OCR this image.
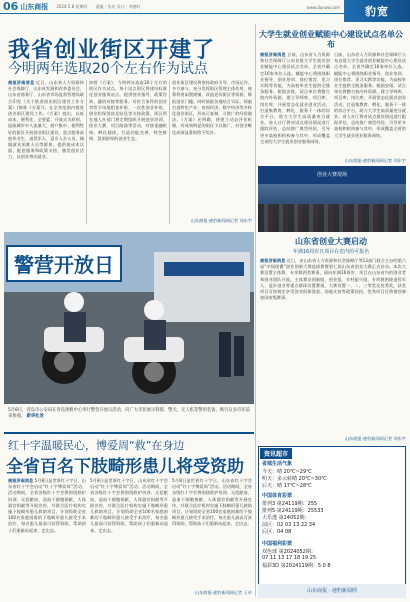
06 山东商报 2024.5.8 星期四 责编｜张亮 设计｜李德红	www.dunow.com	豹宽
我省创业街区开建了
今明两年选取20个左右作为试点
商报济南消息 近日，山东省人力资源和社会保障厅、山东省发展和改革委员会、山东省商务厅、山东省市场监督管理局联合印发《关于推进创业街区建设工作方案》(简称《方案》)，在全省范围内推进创业街区建设工作。《方案》提出，以低成本、便利化、全要素、开放式为原则，选取城市中人流量大、商户集中、便利性好的街区开展创业街区建设，重点服务高校毕业生、退役军人、返乡入乡人员、城镇就业困难人员等群体，提供低成本店面、配套服务和政策支持，激发创业活力，以创业带动就业。
按照《方案》，今明两年选取20个左右的街区作为试点，每个试点街区将建设标准化创业服务站点，提供创业指导、政策咨询、融资对接等服务。对符合条件的创业者给予场地租金补贴、一次性创业补贴、创业担保贷款及贴息等支持政策。街区所在地人社部门将定期组织开展创业培训、创业大赛、项目路演等活动，对接金融机构、孵化载体，打造功能完善、特色鲜明、氛围浓厚的创业生态。
创业街区建设将坚持政府引导、市场运作、多方参与，充分发挥街区管理主体作用，统筹利用闲置商铺、改造老旧街区等资源，降低创业门槛。同时鼓励各地结合实际，探索打造特色产业、夜间经济、数字经济等多样化创业街区，形成可复制、可推广的经验做法。《方案》还明确，将建立动态评估机制，对成效明显的街区予以推广，对创业孵化成效显著的给予奖补。
山东商报·速豹新闻网记者 刘东宇
大学生就业创业赋能中心建设试点名单公布
商报济南消息 日前，山东省人力资源和社会保障厅公布首批大学生就业创业赋能中心建设试点名单，全省共确定16家单位入选。赋能中心将围绕职业指导、创业培训、岗位推荐、见习实践等功能，为高校毕业生提供全链条服务。根据安排，试点单位将整合校内外资源，建立导师库、项目库、岗位库，开展常态化就业创业活动，打造集教育、孵化、服务于一体的综合平台，助力大学生高质量充分就业。省人社厅将对试点建设情况进行跟踪评估，总结推广典型经验，引导更多高校和机构参与其中，形成覆盖全省的大学生就业创业服务网络。
日前，山东省人力资源和社会保障厅公布首批大学生就业创业赋能中心建设试点名单，全省共确定16家单位入选。赋能中心将围绕职业指导、创业培训、岗位推荐、见习实践等功能，为高校毕业生提供全链条服务。根据安排，试点单位将整合校内外资源，建立导师库、项目库、岗位库，开展常态化就业创业活动，打造集教育、孵化、服务于一体的综合平台，助力大学生高质量充分就业。省人社厅将对试点建设情况进行跟踪评估，总结推广典型经验，引导更多高校和机构参与其中，形成覆盖全省的大学生就业创业服务网络。
山东商报·速豹新闻网记者 刘东宇
创业大赛现场
山东省创业大赛启动
年满16周岁且项目在省内的可报名
商报济南消息 近日，由山东省人力资源和社会保障厅等12部门联合主办的第六届“中国创翼”创业创新大赛选拔赛暨第七届山东省创业大赛正式启动。本次大赛设置主体赛、专项赛两类赛事，面向年满16周岁、项目在山东省内的创业者和创业团队开放。主体赛设创新组、创业组、乡村振兴组，专项赛围绕退役军人、返乡创业等重点群体设置赛道。大赛设置一、二、三等奖及优秀奖，获奖项目可按规定享受创业担保贷款、场地支持等政策扶持，优秀项目还将推荐参加国家级赛事。
山东商报·速豹新闻网记者 刘东宇
警营开放日
5月8日，青岛市公安局在青岛奥帆中心举行警营开放日活动，向广大市民展示铁骑、警犬、无人机等警用装备，吸引众多市民前来参观。 新华社发
红十字温暖民心，博爱周“救”在身边
全省百名下肢畸形患儿将受资助
商报济南消息 5月8日是世界红十字日，山东省红十字会启动“红十字博爱周”活动。活动期间，全省各级红十字会将围绕救护培训、无偿献血、造血干细胞捐献、人体器官捐献等开展宣传，并联合医疗机构实施下肢畸形患儿救助项目，计划资助全省100名家庭困难的下肢畸形患儿接受手术治疗，每名患儿最高可获得资助，帮助孩子们重新站起来、走出去。
5月8日是世界红十字日，山东省红十字会启动“红十字博爱周”活动。活动期间，全省各级红十字会将围绕救护培训、无偿献血、造血干细胞捐献、人体器官捐献等开展宣传，并联合医疗机构实施下肢畸形患儿救助项目，计划资助全省100名家庭困难的下肢畸形患儿接受手术治疗，每名患儿最高可获得资助，帮助孩子们重新站起来、走出去。
5月8日是世界红十字日，山东省红十字会启动“红十字博爱周”活动。活动期间，全省各级红十字会将围绕救护培训、无偿献血、造血干细胞捐献、人体器官捐献等开展宣传，并联合医疗机构实施下肢畸形患儿救助项目，计划资助全省100名家庭困难的下肢畸形患儿接受手术治疗，每名患儿最高可获得资助，帮助孩子们重新站起来、走出去。
山东商报·速豹新闻网记者 王卓
资讯超市
省城生活气象
今天：晴 20℃~29℃
明天：多云转晴 20℃~30℃
后天：晴 17℃~28℃
中国体育彩票
排列3 第24119期：255
排列5 第24119期：25533
大乐透 第24052期：
前区：02 03 13 22 34
后区：04 08
中国福利彩票
双色球 第2024052期：
07 11 13 17 18 19 25
福彩3D 第2024119期：5 0 8
山东商报 · 速豹新闻网
